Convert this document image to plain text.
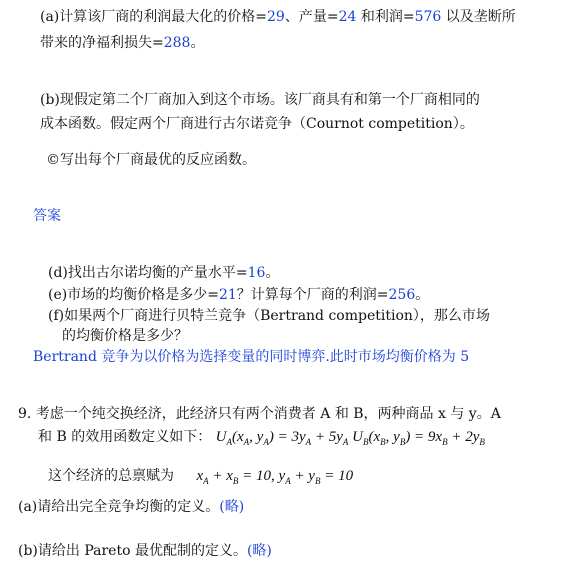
(a)计算该厂商的利润最大化的价格=29、产量=24 和利润=576 以及垄断所
带来的净福利损失=288。
(b)现假定第二个厂商加入到这个市场。该厂商具有和第一个厂商相同的
成本函数。假定两个厂商进行古尔诺竞争（Cournot competition）。
©写出每个厂商最优的反应函数。
答案
(d)找出古尔诺均衡的产量水平=16。
(e)市场的均衡价格是多少=21？计算每个厂商的利润=256。
(f)如果两个厂商进行贝特兰竞争（Bertrand competition），那么市场
的均衡价格是多少？
Bertrand 竞争为以价格为选择变量的同时博弈.此时市场均衡价格为 5
9. 考虑一个纯交换经济，此经济只有两个消费者 A 和 B，两种商品 x 与 y。A
和 B 的效用函数定义如下： $U_A(x_A$, $y_A) = 3y_A + 5y_A$ $U_B(x_B$, $y_B) = 9x_B + 2y_B$
这个经济的总禀赋为 $x_A + x_B = 10$, $y_A + y_B = 10$
(a)请给出完全竞争均衡的定义。(略)
(b)请给出 Pareto 最优配制的定义。(略)
